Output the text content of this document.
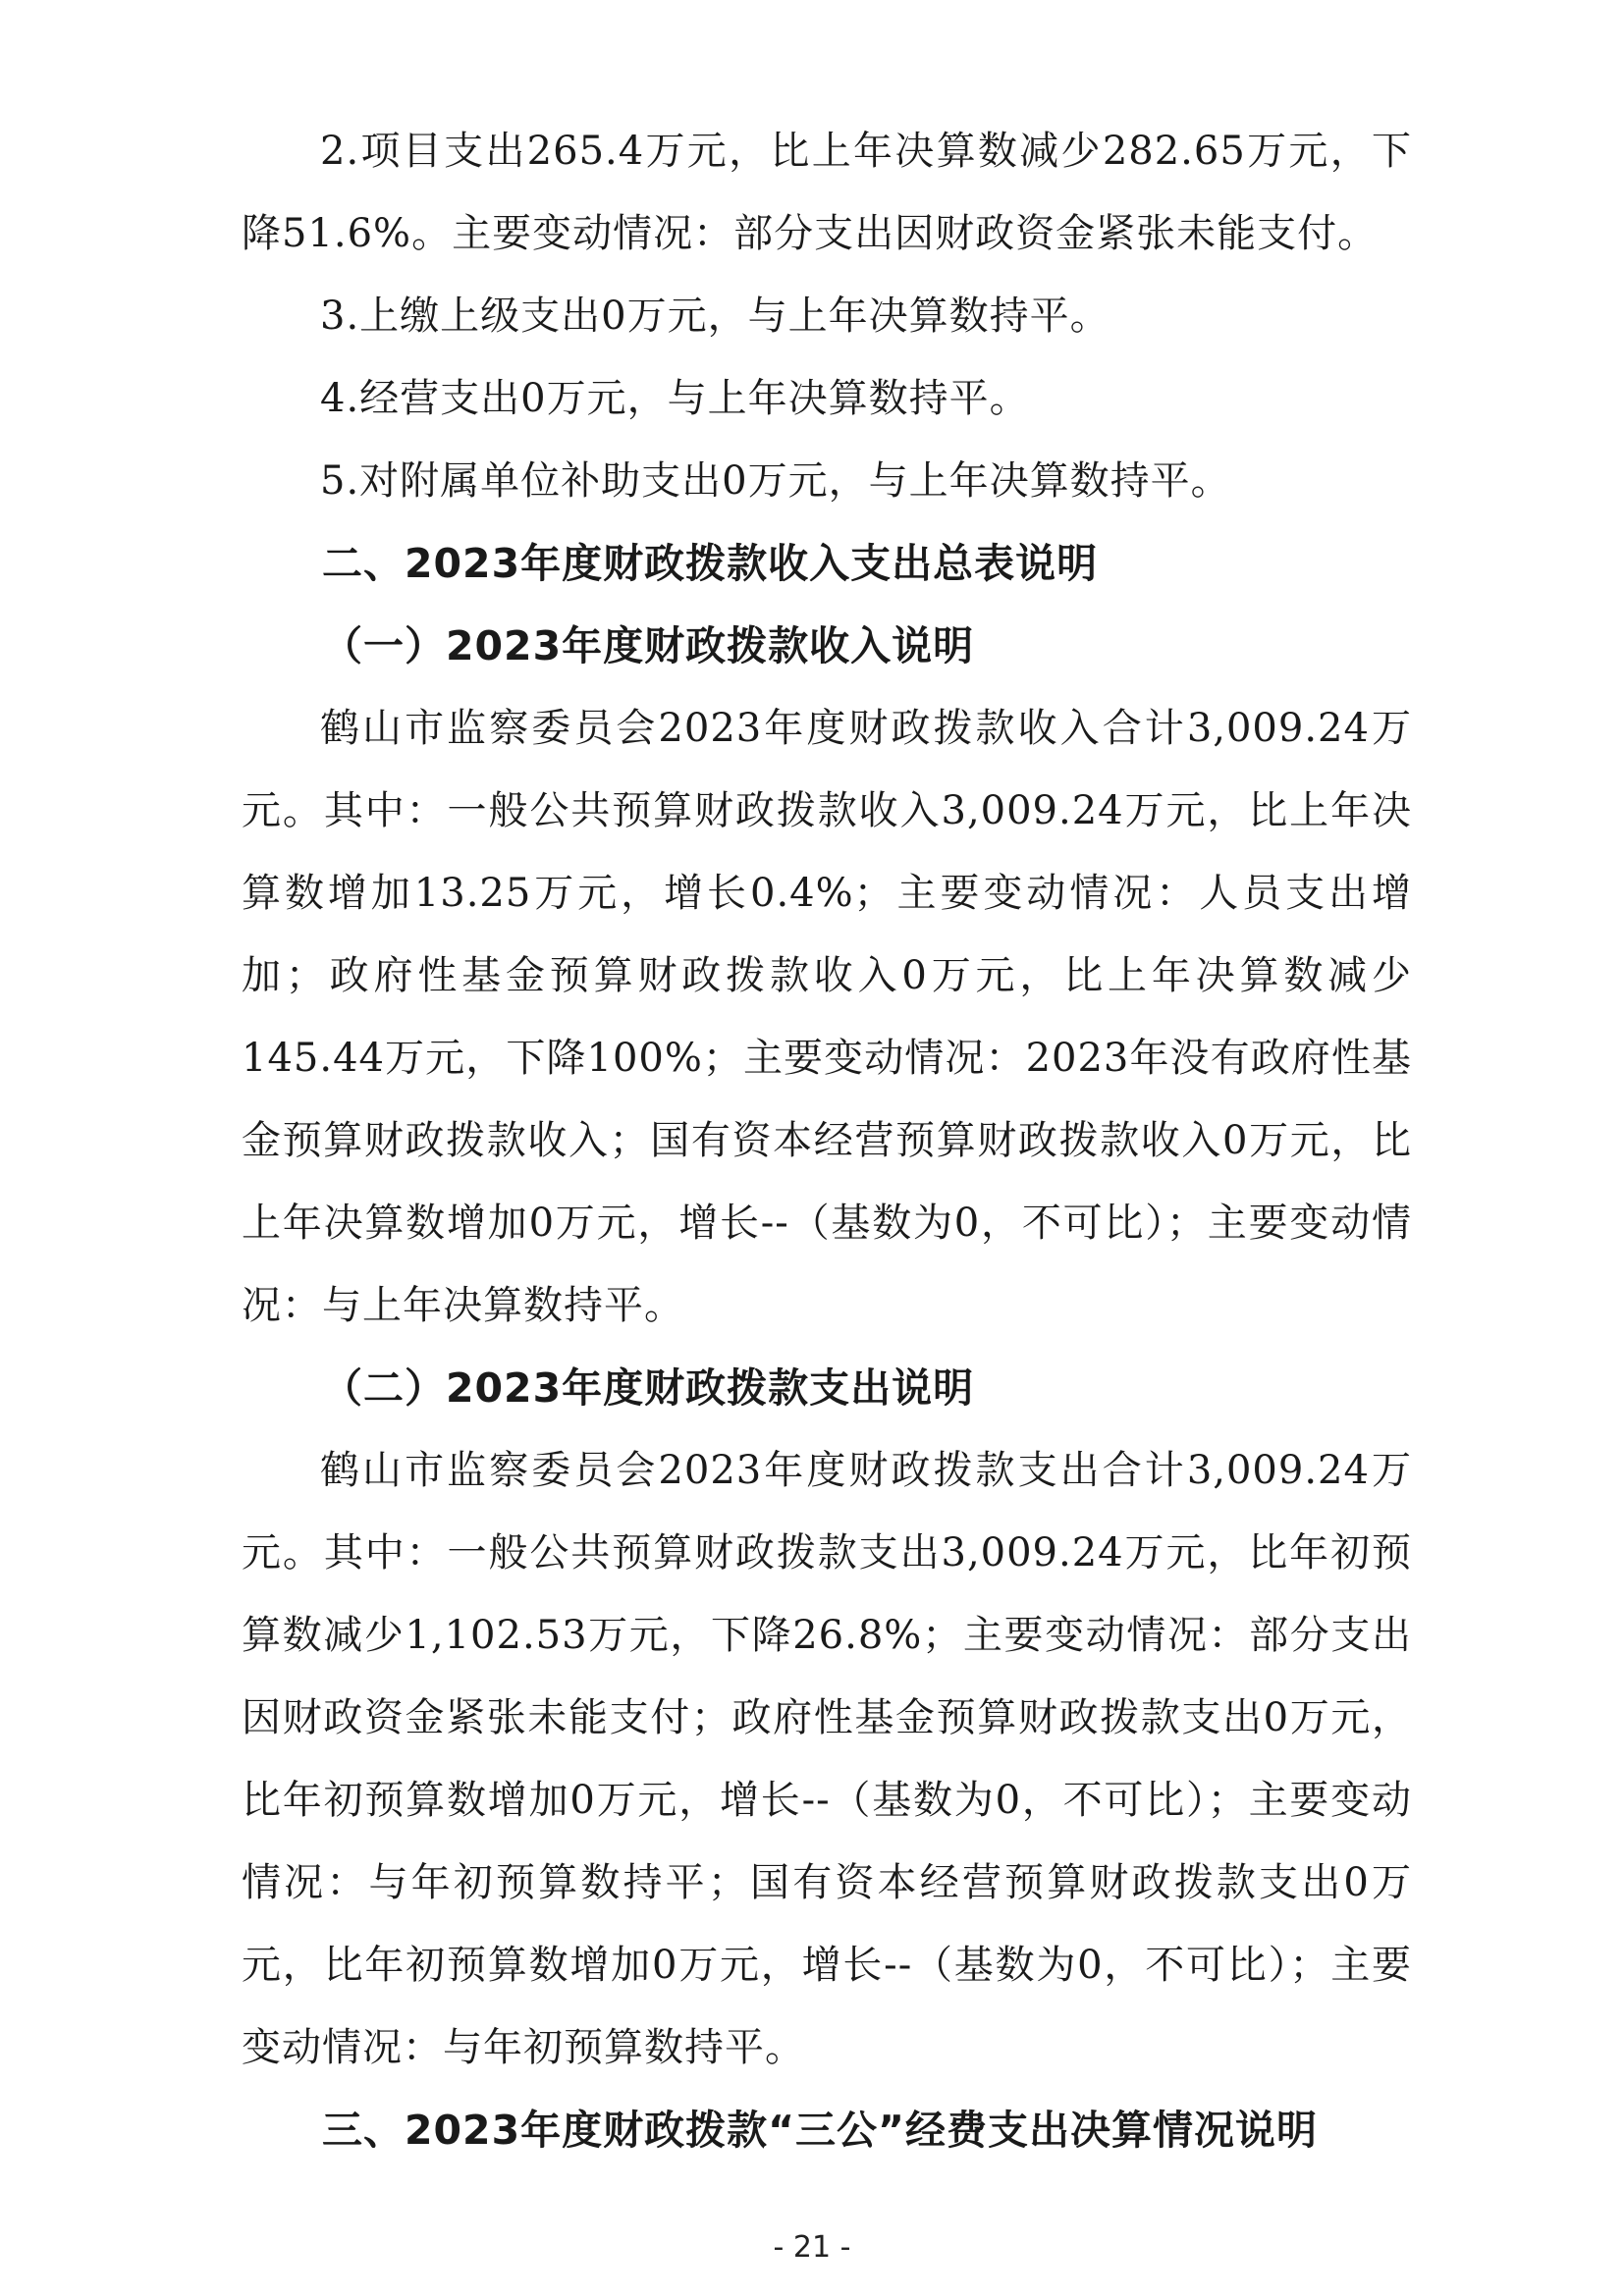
2.项目支出265.4万元，比上年决算数减少282.65万元，下降51.6%。主要变动情况：部分支出因财政资金紧张未能支付。

3.上缴上级支出0万元，与上年决算数持平。

4.经营支出0万元，与上年决算数持平。

5.对附属单位补助支出0万元，与上年决算数持平。

二、2023年度财政拨款收入支出总表说明

（一）2023年度财政拨款收入说明

鹤山市监察委员会2023年度财政拨款收入合计3,009.24万元。其中：一般公共预算财政拨款收入3,009.24万元，比上年决算数增加13.25万元，增长0.4%；主要变动情况：人员支出增加；政府性基金预算财政拨款收入0万元，比上年决算数减少145.44万元，下降100%；主要变动情况：2023年没有政府性基金预算财政拨款收入；国有资本经营预算财政拨款收入0万元，比上年决算数增加0万元，增长--（基数为0，不可比）；主要变动情况：与上年决算数持平。

（二）2023年度财政拨款支出说明

鹤山市监察委员会2023年度财政拨款支出合计3,009.24万元。其中：一般公共预算财政拨款支出3,009.24万元，比年初预算数减少1,102.53万元，下降26.8%；主要变动情况：部分支出因财政资金紧张未能支付；政府性基金预算财政拨款支出0万元，比年初预算数增加0万元，增长--（基数为0，不可比）；主要变动情况：与年初预算数持平；国有资本经营预算财政拨款支出0万元，比年初预算数增加0万元，增长--（基数为0，不可比）；主要变动情况：与年初预算数持平。

三、2023年度财政拨款“三公”经费支出决算情况说明

- 21 -
